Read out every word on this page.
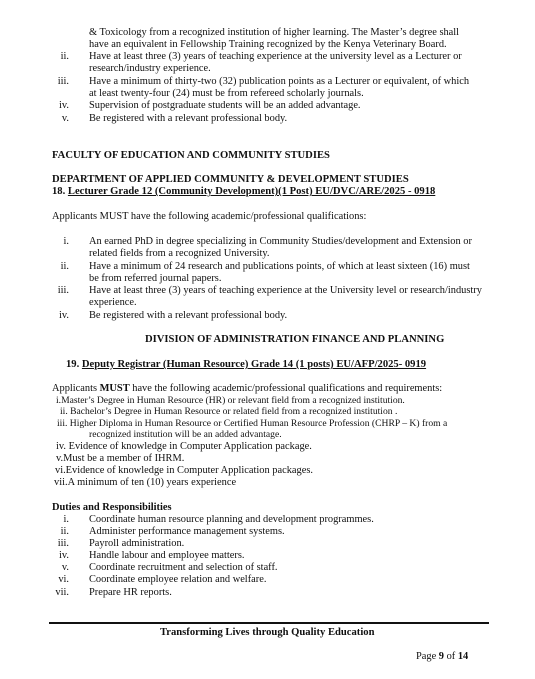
& Toxicology from a recognized institution of higher learning. The Master’s degree shall
have an equivalent in Fellowship Training recognized by the Kenya Veterinary Board.
ii. Have at least three (3) years of teaching experience at the university level as a Lecturer or
research/industry experience.
iii. Have a minimum of thirty-two (32) publication points as a Lecturer or equivalent, of which
at least twenty-four (24) must be from refereed scholarly journals.
iv. Supervision of postgraduate students will be an added advantage.
v. Be registered with a relevant professional body.
FACULTY OF EDUCATION AND COMMUNITY STUDIES
DEPARTMENT OF APPLIED COMMUNITY & DEVELOPMENT STUDIES
18. Lecturer Grade 12 (Community Development)(1 Post) EU/DVC/ARE/2025 - 0918
Applicants MUST have the following academic/professional qualifications:
i. An earned PhD in degree specializing in Community Studies/development and Extension or
related fields from a recognized University.
ii. Have a minimum of 24 research and publications points, of which at least sixteen (16) must
be from referred journal papers.
iii. Have at least three (3) years of teaching experience at the University level or research/industry
experience.
iv. Be registered with a relevant professional body.
DIVISION OF ADMINISTRATION FINANCE AND PLANNING
19. Deputy Registrar (Human Resource) Grade 14 (1 posts) EU/AFP/2025- 0919
Applicants MUST have the following academic/professional qualifications and requirements:
i.Master’s Degree in Human Resource (HR) or relevant field from a recognized institution.
ii. Bachelor’s Degree in Human Resource or related field from a recognized institution .
iii. Higher Diploma in Human Resource or Certified Human Resource Profession (CHRP – K) from a
recognized institution will be an added advantage.
iv. Evidence of knowledge in Computer Application package.
v.Must be a member of IHRM.
vi.Evidence of knowledge in Computer Application packages.
vii.A minimum of ten (10) years experience
Duties and Responsibilities
i. Coordinate human resource planning and development programmes.
ii. Administer performance management systems.
iii. Payroll administration.
iv. Handle labour and employee matters.
v. Coordinate recruitment and selection of staff.
vi. Coordinate employee relation and welfare.
vii. Prepare HR reports.
Transforming Lives through Quality Education
Page 9 of 14
